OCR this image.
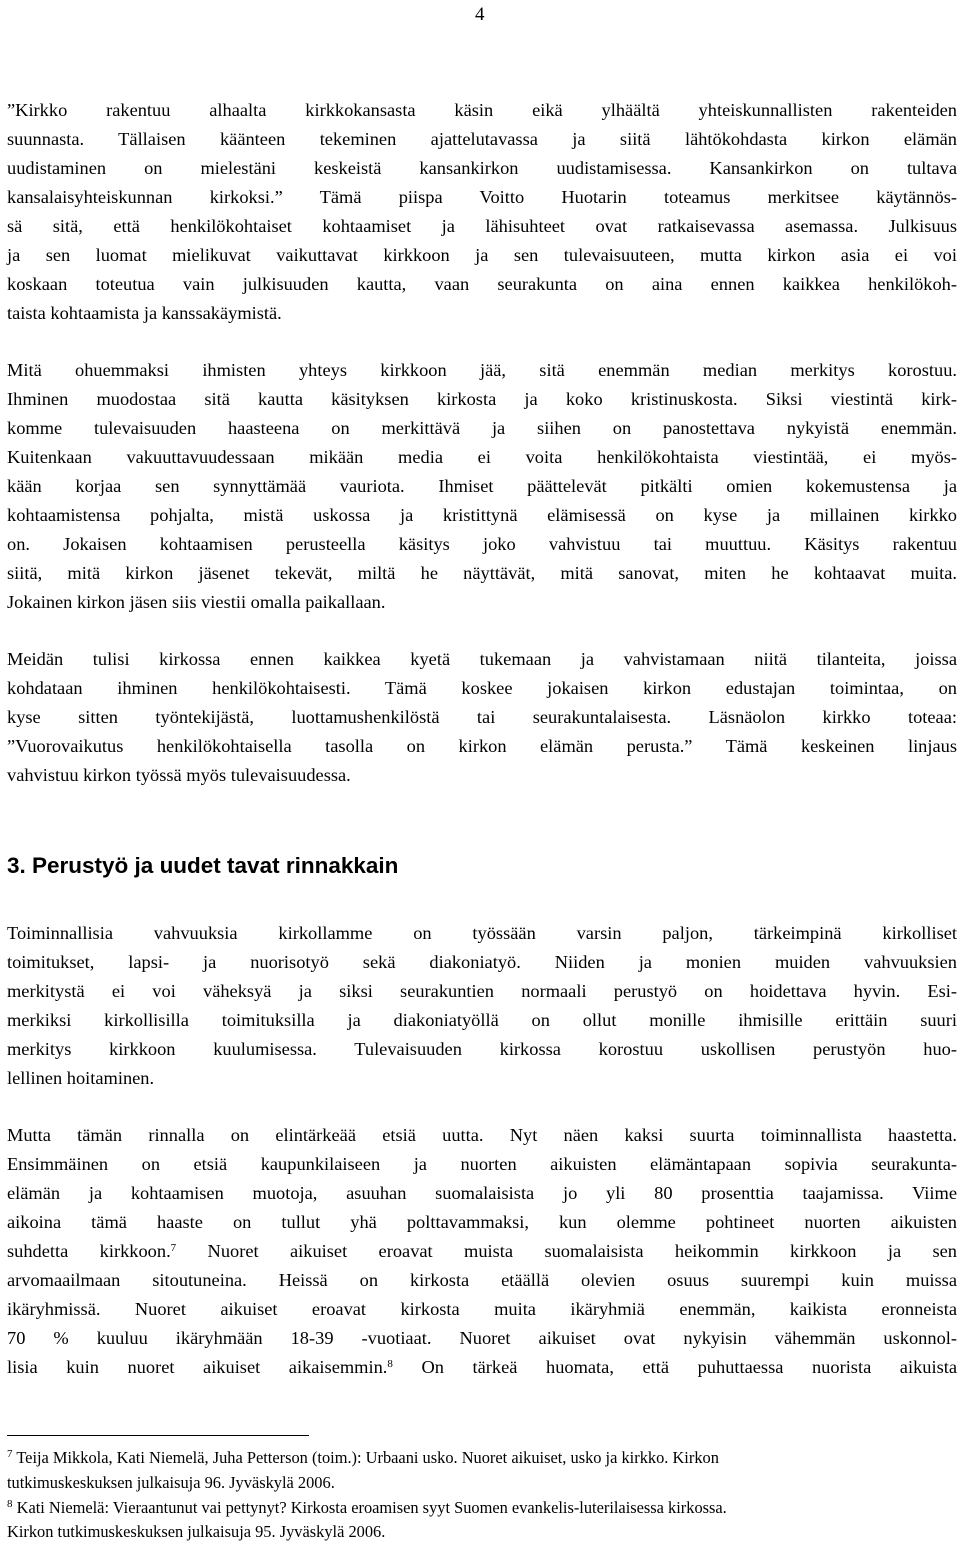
4
”Kirkko rakentuu alhaalta kirkkokansasta käsin eikä ylhäältä yhteiskunnallisten rakenteiden
suunnasta. Tällaisen käänteen tekeminen ajattelutavassa ja siitä lähtökohdasta kirkon elämän
uudistaminen on mielestäni keskeistä kansankirkon uudistamisessa. Kansankirkon on tultava
kansalaisyhteiskunnan kirkoksi.” Tämä piispa Voitto Huotarin toteamus merkitsee käytännös-
sä sitä, että henkilökohtaiset kohtaamiset ja lähisuhteet ovat ratkaisevassa asemassa. Julkisuus
ja sen luomat mielikuvat vaikuttavat kirkkoon ja sen tulevaisuuteen, mutta kirkon asia ei voi
koskaan toteutua vain julkisuuden kautta, vaan seurakunta on aina ennen kaikkea henkilökoh-
taista kohtaamista ja kanssakäymistä.
Mitä ohuemmaksi ihmisten yhteys kirkkoon jää, sitä enemmän median merkitys korostuu.
Ihminen muodostaa sitä kautta käsityksen kirkosta ja koko kristinuskosta. Siksi viestintä kirk-
komme tulevaisuuden haasteena on merkittävä ja siihen on panostettava nykyistä enemmän.
Kuitenkaan vakuuttavuudessaan mikään media ei voita henkilökohtaista viestintää, ei myös-
kään korjaa sen synnyttämää vauriota. Ihmiset päättelevät pitkälti omien kokemustensa ja
kohtaamistensa pohjalta, mistä uskossa ja kristittynä elämisessä on kyse ja millainen kirkko
on. Jokaisen kohtaamisen perusteella käsitys joko vahvistuu tai muuttuu. Käsitys rakentuu
siitä, mitä kirkon jäsenet tekevät, miltä he näyttävät, mitä sanovat, miten he kohtaavat muita.
Jokainen kirkon jäsen siis viestii omalla paikallaan.
Meidän tulisi kirkossa ennen kaikkea kyetä tukemaan ja vahvistamaan niitä tilanteita, joissa
kohdataan ihminen henkilökohtaisesti. Tämä koskee jokaisen kirkon edustajan toimintaa, on
kyse sitten työntekijästä, luottamushenkilöstä tai seurakuntalaisesta. Läsnäolon kirkko toteaa:
”Vuorovaikutus henkilökohtaisella tasolla on kirkon elämän perusta.” Tämä keskeinen linjaus
vahvistuu kirkon työssä myös tulevaisuudessa.
3. Perustyö ja uudet tavat rinnakkain
Toiminnallisia vahvuuksia kirkollamme on työssään varsin paljon, tärkeimpinä kirkolliset
toimitukset, lapsi- ja nuorisotyö sekä diakoniatyö. Niiden ja monien muiden vahvuuksien
merkitystä ei voi väheksyä ja siksi seurakuntien normaali perustyö on hoidettava hyvin. Esi-
merkiksi kirkollisilla toimituksilla ja diakoniatyöllä on ollut monille ihmisille erittäin suuri
merkitys kirkkoon kuulumisessa. Tulevaisuuden kirkossa korostuu uskollisen perustyön huo-
lellinen hoitaminen.
Mutta tämän rinnalla on elintärkeää etsiä uutta. Nyt näen kaksi suurta toiminnallista haastetta.
Ensimmäinen on etsiä kaupunkilaiseen ja nuorten aikuisten elämäntapaan sopivia seurakunta-
elämän ja kohtaamisen muotoja, asuuhan suomalaisista jo yli 80 prosenttia taajamissa. Viime
aikoina tämä haaste on tullut yhä polttavammaksi, kun olemme pohtineet nuorten aikuisten
suhdetta kirkkoon.$^7$ Nuoret aikuiset eroavat muista suomalaisista heikommin kirkkoon ja sen
arvomaailmaan sitoutuneina. Heissä on kirkosta etäällä olevien osuus suurempi kuin muissa
ikäryhmissä. Nuoret aikuiset eroavat kirkosta muita ikäryhmiä enemmän, kaikista eronneista
70 % kuuluu ikäryhmään 18-39 -vuotiaat. Nuoret aikuiset ovat nykyisin vähemmän uskonnol-
lisia kuin nuoret aikuiset aikaisemmin.$^8$ On tärkeä huomata, että puhuttaessa nuorista aikuista
$^7$ Teija Mikkola, Kati Niemelä, Juha Petterson (toim.): Urbaani usko. Nuoret aikuiset, usko ja kirkko. Kirkon
tutkimuskeskuksen julkaisuja 96. Jyväskylä 2006.
$^8$ Kati Niemelä: Vieraantunut vai pettynyt? Kirkosta eroamisen syyt Suomen evankelis-luterilaisessa kirkossa.
Kirkon tutkimuskeskuksen julkaisuja 95. Jyväskylä 2006.
